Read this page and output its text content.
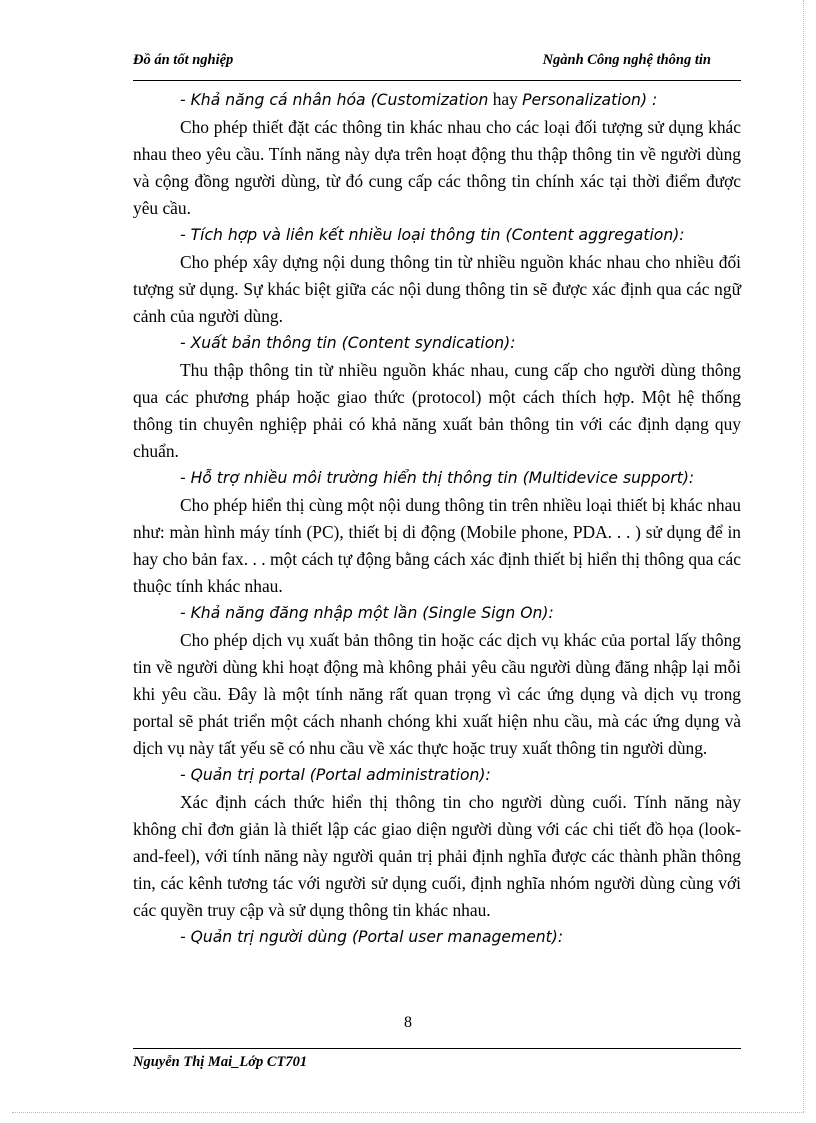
Đồ án tốt nghiệp	Ngành Công nghệ thông tin

- Khả năng cá nhân hóa (Customization hay Personalization) :

Cho phép thiết đặt các thông tin khác nhau cho các loại đối tượng sử dụng khác nhau theo yêu cầu. Tính năng này dựa trên hoạt động thu thập thông tin về người dùng và cộng đồng người dùng, từ đó cung cấp các thông tin chính xác tại thời điểm được yêu cầu.

- Tích hợp và liên kết nhiều loại thông tin (Content aggregation):

Cho phép xây dựng nội dung thông tin từ nhiều nguồn khác nhau cho nhiều đối tượng sử dụng. Sự khác biệt giữa các nội dung thông tin sẽ được xác định qua các ngữ cảnh của người dùng.

- Xuất bản thông tin (Content syndication):

Thu thập thông tin từ nhiều nguồn khác nhau, cung cấp cho người dùng thông qua các phương pháp hoặc giao thức (protocol) một cách thích hợp. Một hệ thống thông tin chuyên nghiệp phải có khả năng xuất bản thông tin với các định dạng quy chuẩn.

- Hỗ trợ nhiều môi trường hiển thị thông tin (Multidevice support):

Cho phép hiển thị cùng một nội dung thông tin trên nhiều loại thiết bị khác nhau như: màn hình máy tính (PC), thiết bị di động (Mobile phone, PDA. . . ) sử dụng để in hay cho bản fax. . . một cách tự động bằng cách xác định thiết bị hiển thị thông qua các thuộc tính khác nhau.

- Khả năng đăng nhập một lần (Single Sign On):

Cho phép dịch vụ xuất bản thông tin hoặc các dịch vụ khác của portal lấy thông tin về người dùng khi hoạt động mà không phải yêu cầu người dùng đăng nhập lại mỗi khi yêu cầu. Đây là một tính năng rất quan trọng vì các ứng dụng và dịch vụ trong portal sẽ phát triển một cách nhanh chóng khi xuất hiện nhu cầu, mà các ứng dụng và dịch vụ này tất yếu sẽ có nhu cầu về xác thực hoặc truy xuất thông tin người dùng.

- Quản trị portal (Portal administration):

Xác định cách thức hiển thị thông tin cho người dùng cuối. Tính năng này không chỉ đơn giản là thiết lập các giao diện người dùng với các chi tiết đồ họa (look-and-feel), với tính năng này người quản trị phải định nghĩa được các thành phần thông tin, các kênh tương tác với người sử dụng cuối, định nghĩa nhóm người dùng cùng với các quyền truy cập và sử dụng thông tin khác nhau.

- Quản trị người dùng (Portal user management):

8
Nguyễn Thị Mai_Lớp CT701
